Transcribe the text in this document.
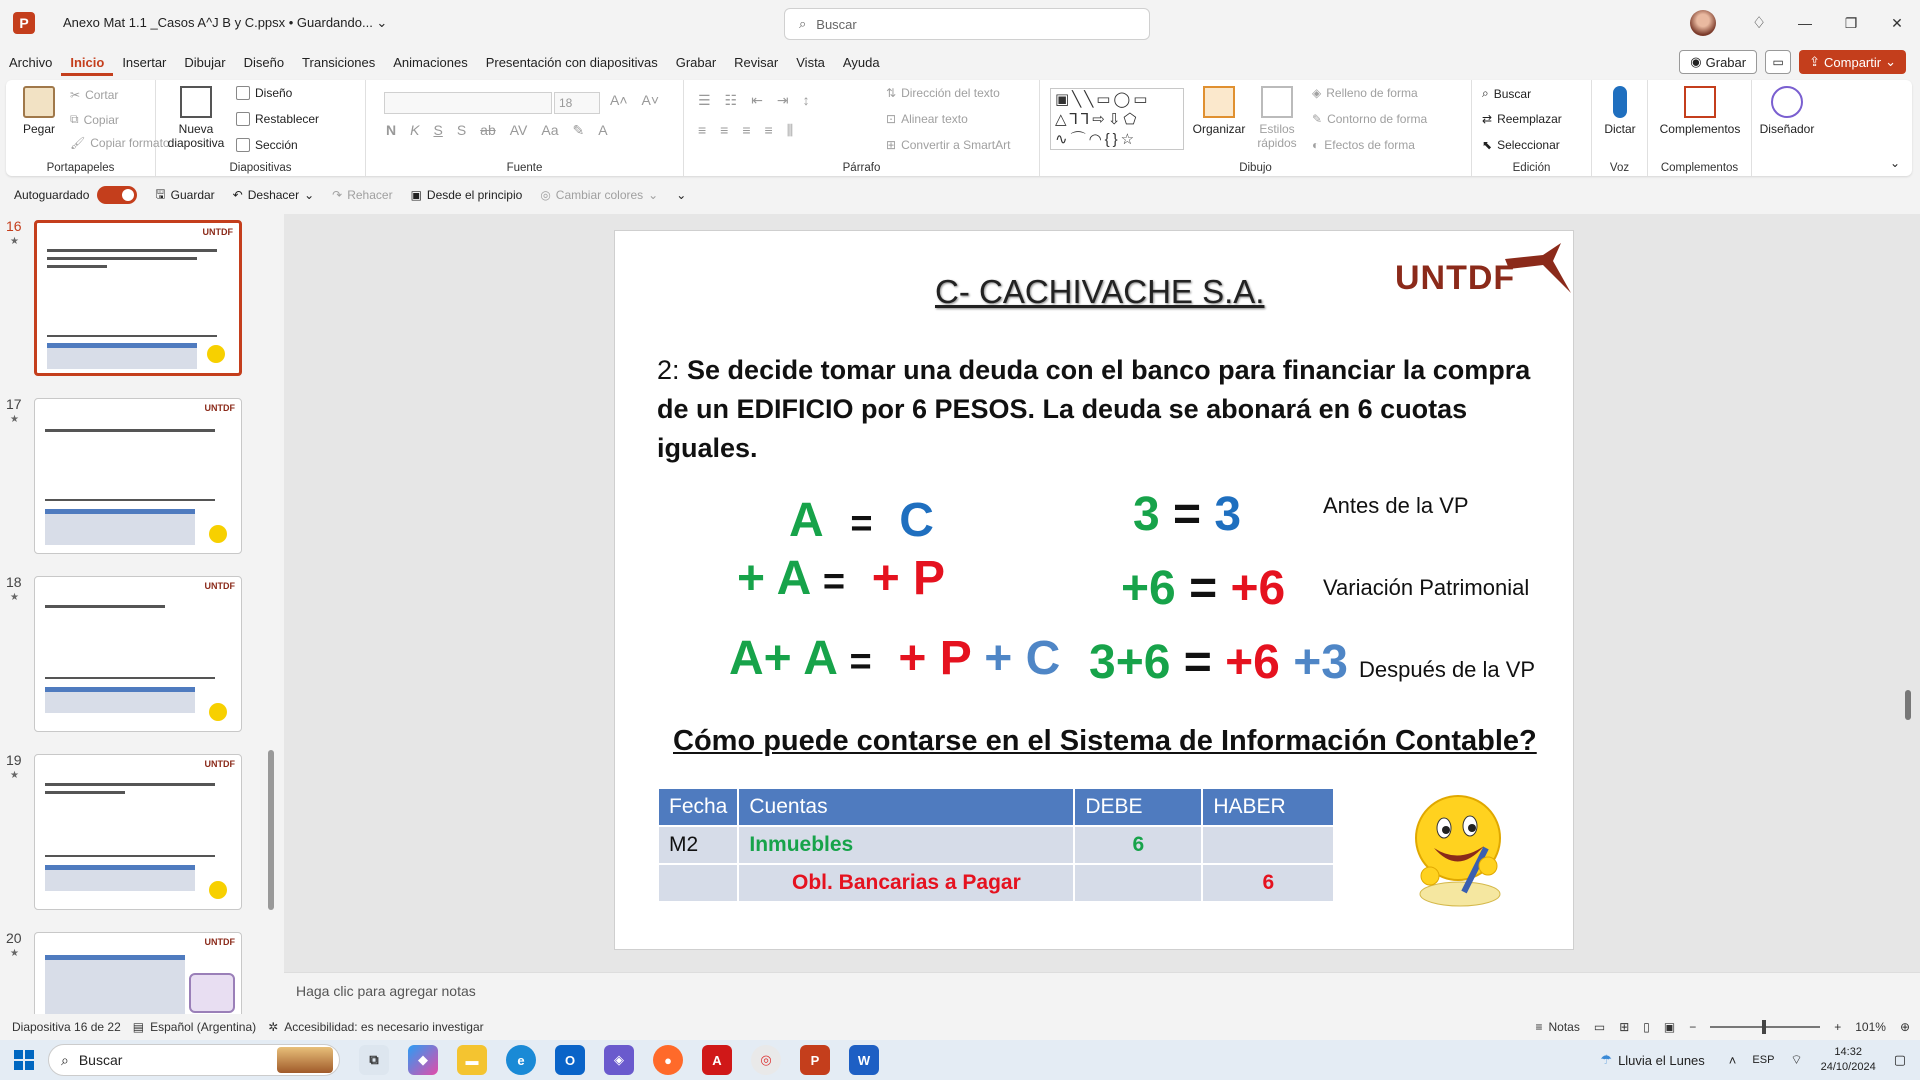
P	Anexo Mat 1.1 _Casos A^J B y C.ppsx • Guardando... ⌄	⌕ Buscar	♢	—	❐	✕
Archivo	Inicio	Insertar	Dibujar	Diseño	Transiciones	Animaciones	Presentación con diapositivas	Grabar	Revisar	Vista	Ayuda	◉ Grabar ▭ ⇪ Compartir ⌄
Pegar
✂ Cortar
⧉ Copiar
🖌 Copiar formato
Portapapeles
Nueva diapositiva
Diseño
Restablecer
Sección
Diapositivas
18	A˄ A˅
N K S S ab AV Aa ✎ A
Fuente
☰ ☷ ⇤ ⇥ ↕
≡ ≡ ≡ ≡ ⫼
⇅ Dirección del texto
⊡ Alinear texto
⊞ Convertir a SmartArt
Párrafo
▣╲╲▭◯▭
△⅂⅂⇨⇩⬠
∿⌒◠{}☆
Organizar	Estilos rápidos
◈ Relleno de forma
✎ Contorno de forma
◐ Efectos de forma
Dibujo
⌕ Buscar
⇄ Reemplazar
⬉ Seleccionar
Edición
Dictar
Voz
Complementos
Complementos
Diseñador
⌄
Autoguardado	🖫 Guardar ↶ Deshacer ⌄ ↷ Rehacer ▣ Desde el principio ◎ Cambiar colores ⌄ ⌄
16
★
UNTDF
17
★
UNTDF
18
★
UNTDF
19
★
UNTDF
20
★
UNTDF
C- CACHIVACHE S.A.	UNTDF
2: Se decide tomar una deuda con el banco para financiar la compra de un EDIFICIO por 6 PESOS. La deuda se abonará en 6 cuotas iguales.
A = C
+ A = + P
A+ A = + P + C
3 = 3
+6 = +6
3+6 = +6 +3
Antes de la VP
Variación Patrimonial
Después de la VP
Cómo puede contarse en el Sistema de Información Contable?
Fecha	Cuentas	DEBE	HABER
M2	Inmuebles	6	
	Obl. Bancarias a Pagar		6
Haga clic para agregar notas
Diapositiva 16 de 22 ▤ Español (Argentina) ✲ Accesibilidad: es necesario investigar	≡ Notas ▭ ⊞ ▯ ▣ −	+ 101% ⊕
⌕ Buscar	⧉	◆	▬	e	O	◈	●	A	◎	P	W	☂ Lluvia el Lunes ˄ ESP ⌔	14:32
24/10/2024 ▢
